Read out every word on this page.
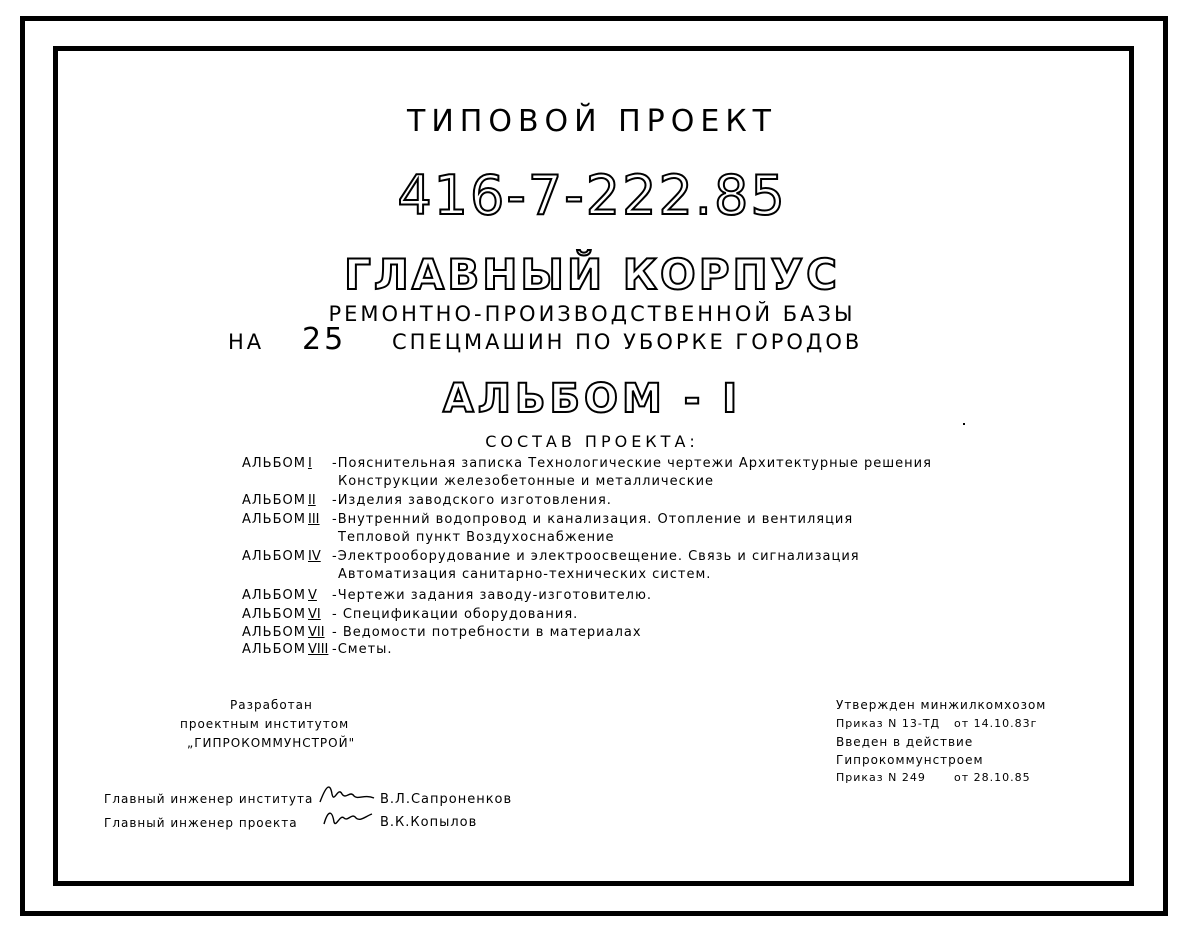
ТИПОВОЙ ПРОЕКТ
416-7-222.85
ГЛАВНЫЙ КОРПУС
РЕМОНТНО-ПРОИЗВОДСТВЕННОЙ БАЗЫ
НА 25 СПЕЦМАШИН ПО УБОРКЕ ГОРОДОВ
АЛЬБОМ - I
СОСТАВ ПРОЕКТА:
АЛЬБОМ I -Пояснительная записка Технологические чертежи Архитектурные решения
Конструкции железобетонные и металлические
АЛЬБОМ II -Изделия заводского изготовления.
АЛЬБОМ III -Внутренний водопровод и канализация. Отопление и вентиляция
Тепловой пункт Воздухоснабжение
АЛЬБОМ IV -Электрооборудование и электроосвещение. Связь и сигнализация
Автоматизация санитарно-технических систем.
АЛЬБОМ V -Чертежи задания заводу-изготовителю.
АЛЬБОМ VI - Спецификации оборудования.
АЛЬБОМ VII - Ведомости потребности в материалах
АЛЬБОМ VIII -Сметы.
Разработан
проектным институтом
„ГИПРОКОММУНСТРОЙ"
Утвержден минжилкомхозом
Приказ N 13-ТД от 14.10.83г
Введен в действие
Гипрокоммунстроем
Приказ N 249	от 28.10.85
Главный инженер института	В.Л.Сапроненков
Главный инженер проекта	В.К.Копылов
